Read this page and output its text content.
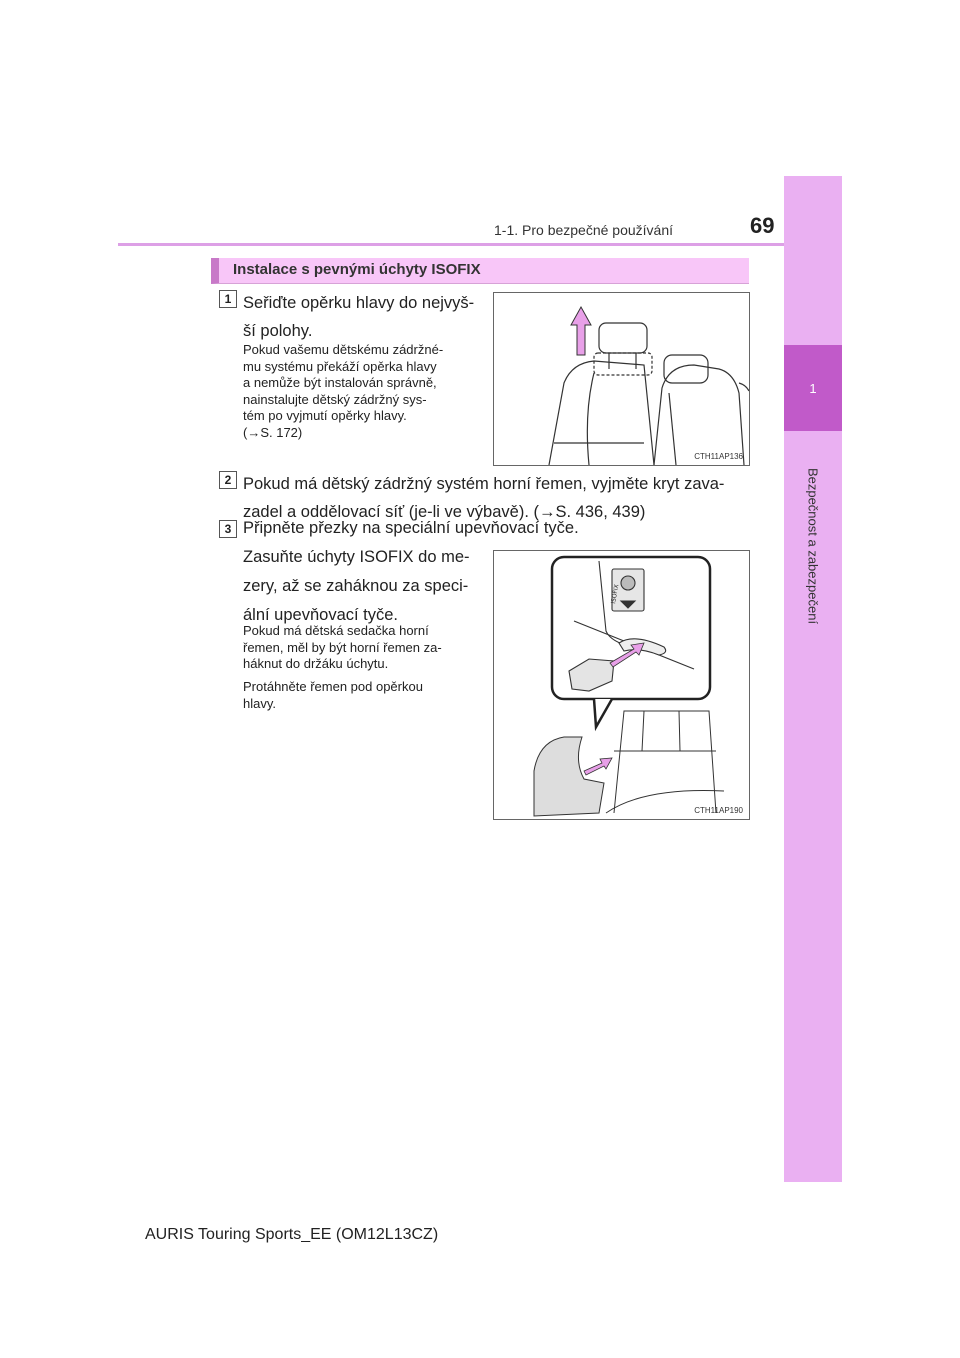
1-1. Pro bezpečné používání	69
1
Bezpečnost a zabezpečení
Instalace s pevnými úchyty ISOFIX
1 Seřiďte opěrku hlavy do nejvyš-
ší polohy.
Pokud vašemu dětskému zádržné-
mu systému překáží opěrka hlavy
a nemůže být instalován správně,
nainstalujte dětský zádržný sys-
tém po vyjmutí opěrky hlavy.
(→S. 172)
CTH11AP136
2 Pokud má dětský zádržný systém horní řemen, vyjměte kryt zava-
zadel a oddělovací síť (je-li ve výbavě). (→S. 436, 439)
3 Připněte přezky na speciální upevňovací tyče.
Zasuňte úchyty ISOFIX do me-
zery, až se zaháknou za speci-
ální upevňovací tyče.
Pokud má dětská sedačka horní
řemen, měl by být horní řemen za-
háknut do držáku úchytu.
Protáhněte řemen pod opěrkou
hlavy.
ISOFIX
CTH11AP190
AURIS Touring Sports_EE (OM12L13CZ)
